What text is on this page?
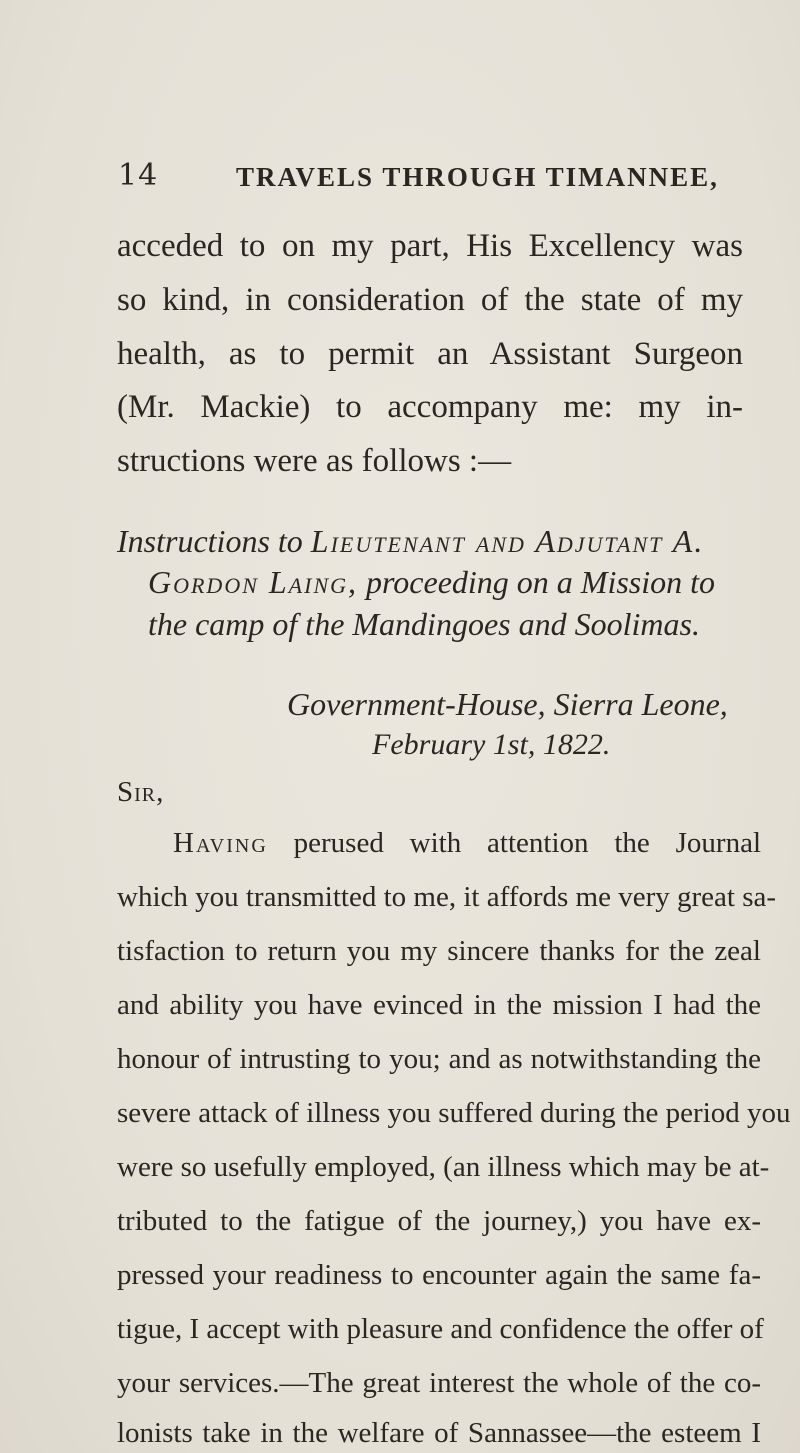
14	TRAVELS THROUGH TIMANNEE,
acceded to on my part, His Excellency was
so kind, in consideration of the state of my
health, as to permit an Assistant Surgeon
(Mr. Mackie) to accompany me: my in-
structions were as follows :—
Instructions to Lieutenant and Adjutant A.
Gordon Laing, proceeding on a Mission to
the camp of the Mandingoes and Soolimas.
Government-House, Sierra Leone,
February 1st, 1822.
Sir,
Having perused with attention the Journal
which you transmitted to me, it affords me very great sa-
tisfaction to return you my sincere thanks for the zeal
and ability you have evinced in the mission I had the
honour of intrusting to you; and as notwithstanding the
severe attack of illness you suffered during the period you
were so usefully employed, (an illness which may be at-
tributed to the fatigue of the journey,) you have ex-
pressed your readiness to encounter again the same fa-
tigue, I accept with pleasure and confidence the offer of
your services.—The great interest the whole of the co-
lonists take in the welfare of Sannassee—the esteem I
